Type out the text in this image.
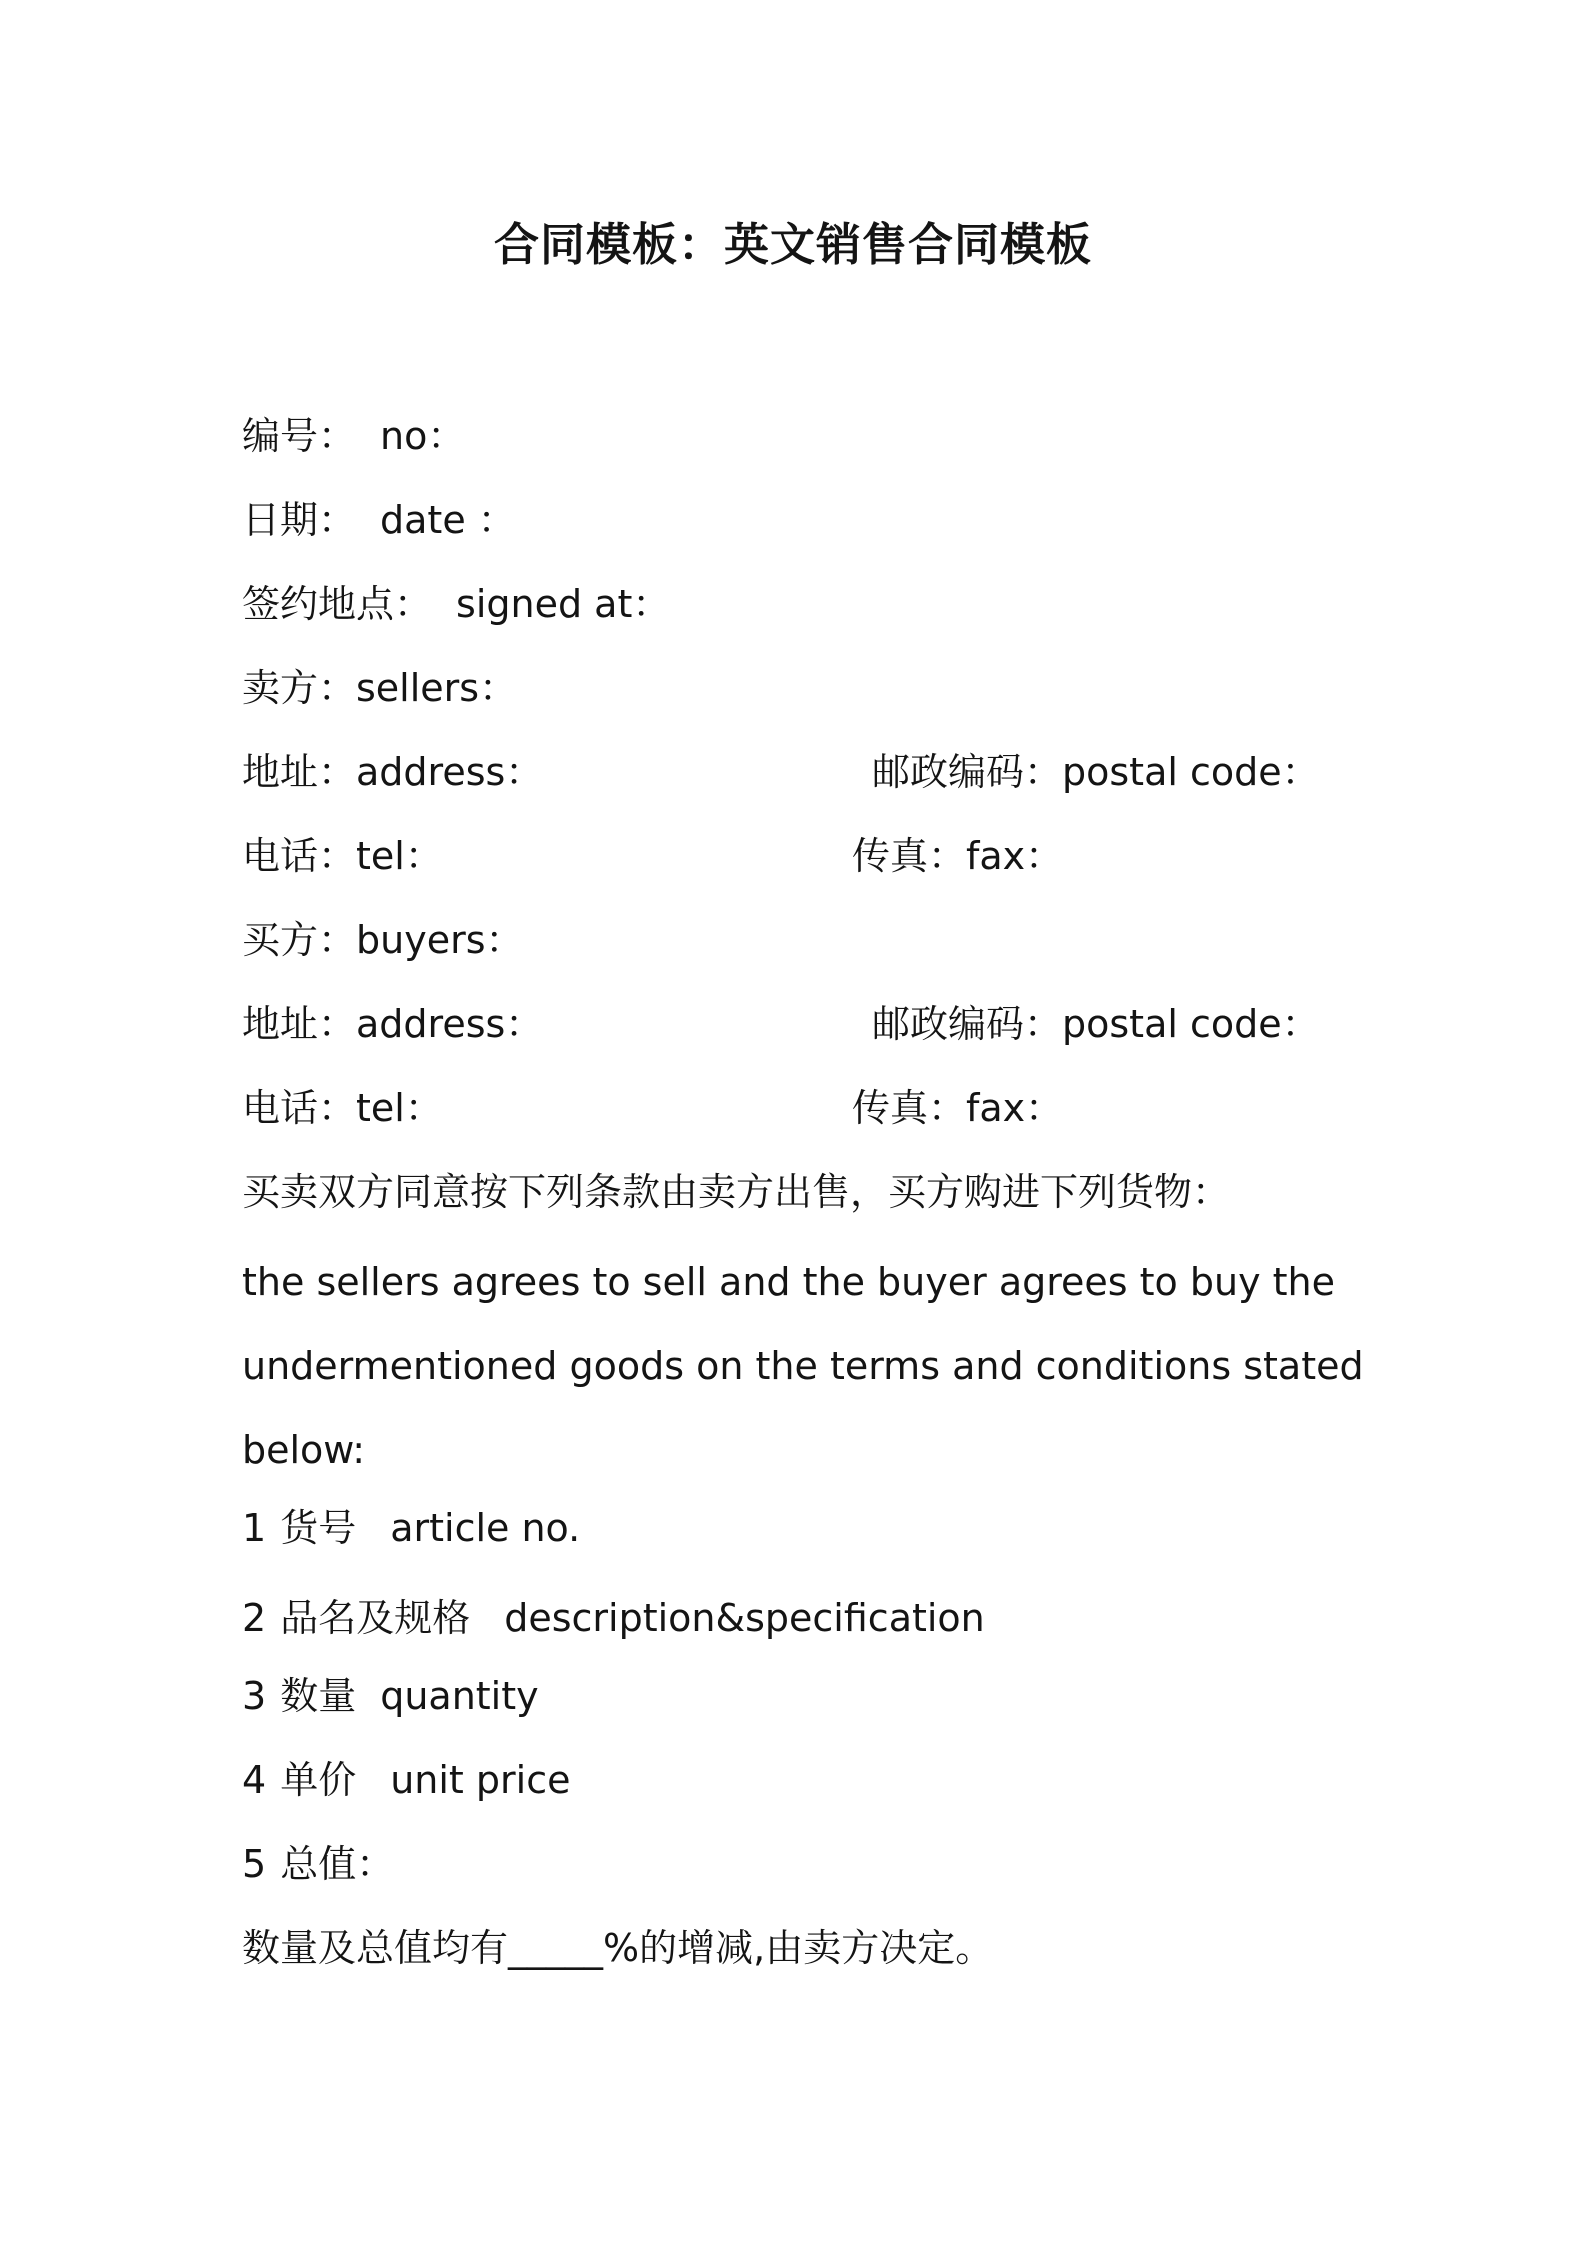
合同模板：英文销售合同模板

编号： no：

日期： date ：

签约地点： signed at：

卖方：sellers：

地址：address：	邮政编码：postal code：

电话：tel：	传真：fax：

买方：buyers：

地址：address：	邮政编码：postal code：

电话：tel：	传真：fax：

买卖双方同意按下列条款由卖方出售，买方购进下列货物：

the sellers agrees to sell and the buyer agrees to buy the

undermentioned goods on the terms and conditions stated

below:

1 货号 article no.

2 品名及规格 description&specification

3 数量 quantity

4 单价 unit price

5 总值：

数量及总值均有_____%的增减,由卖方决定。
